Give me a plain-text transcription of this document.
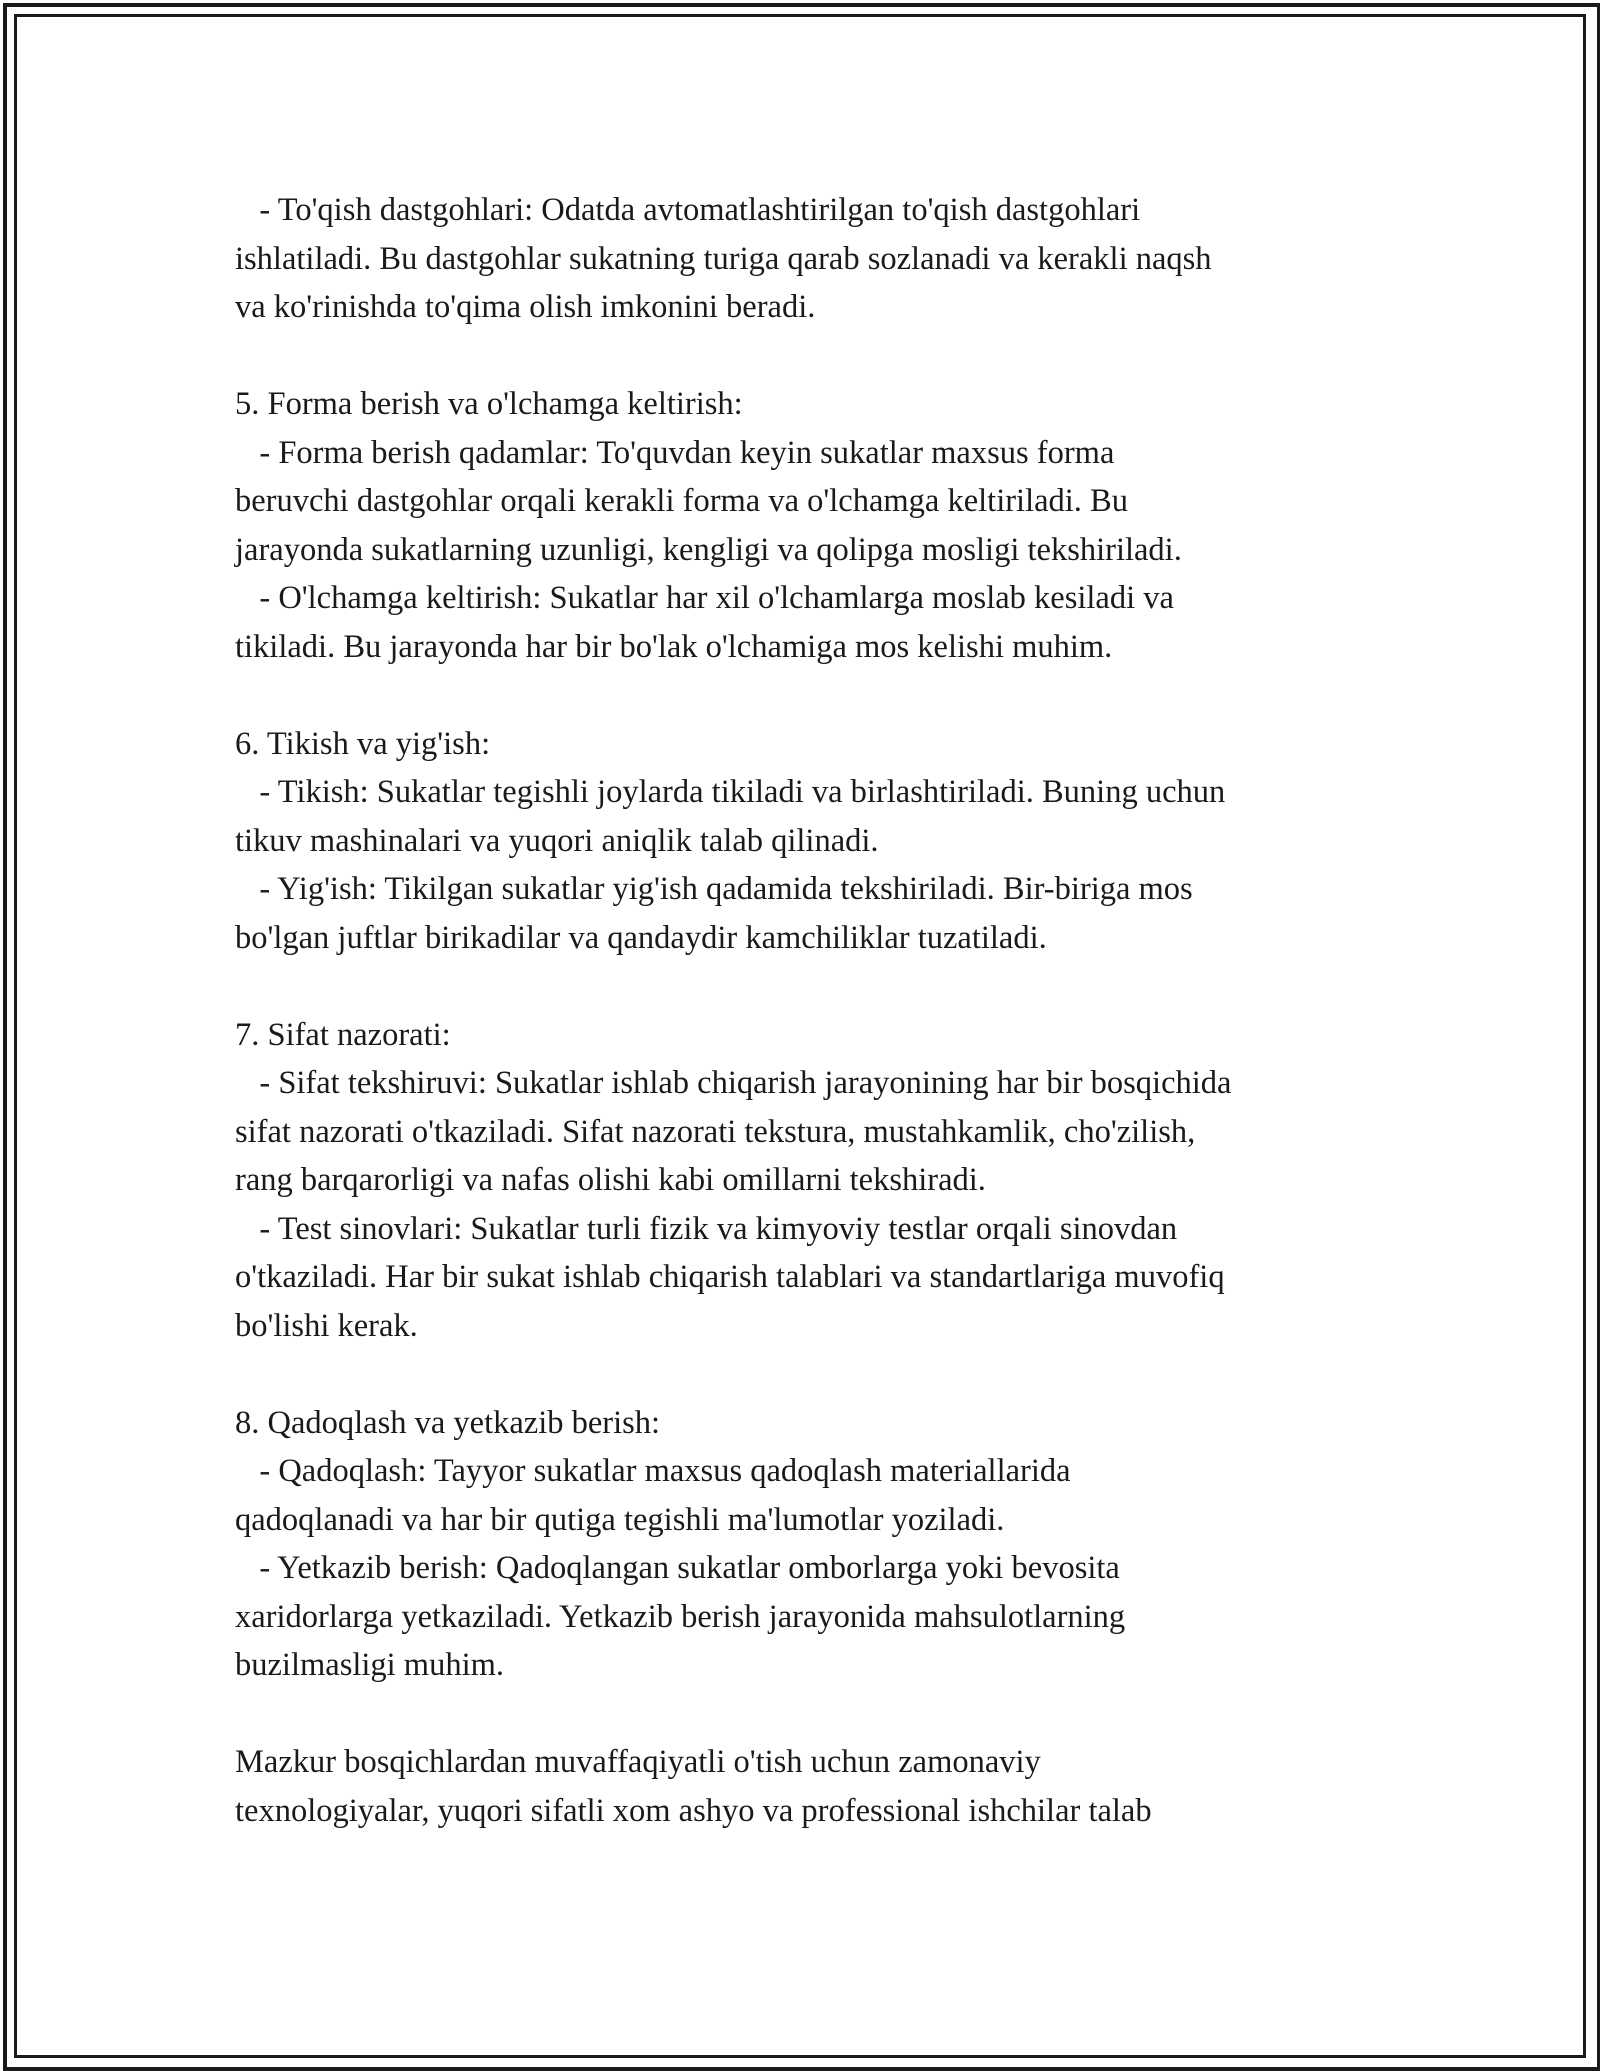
- To'qish dastgohlari: Odatda avtomatlashtirilgan to'qish dastgohlari
ishlatiladi. Bu dastgohlar sukatning turiga qarab sozlanadi va kerakli naqsh
va ko'rinishda to'qima olish imkonini beradi.
5. Forma berish va o'lchamga keltirish:
- Forma berish qadamlar: To'quvdan keyin sukatlar maxsus forma
beruvchi dastgohlar orqali kerakli forma va o'lchamga keltiriladi. Bu
jarayonda sukatlarning uzunligi, kengligi va qolipga mosligi tekshiriladi.
- O'lchamga keltirish: Sukatlar har xil o'lchamlarga moslab kesiladi va
tikiladi. Bu jarayonda har bir bo'lak o'lchamiga mos kelishi muhim.
6. Tikish va yig'ish:
- Tikish: Sukatlar tegishli joylarda tikiladi va birlashtiriladi. Buning uchun
tikuv mashinalari va yuqori aniqlik talab qilinadi.
- Yig'ish: Tikilgan sukatlar yig'ish qadamida tekshiriladi. Bir-biriga mos
bo'lgan juftlar birikadilar va qandaydir kamchiliklar tuzatiladi.
7. Sifat nazorati:
- Sifat tekshiruvi: Sukatlar ishlab chiqarish jarayonining har bir bosqichida
sifat nazorati o'tkaziladi. Sifat nazorati tekstura, mustahkamlik, cho'zilish,
rang barqarorligi va nafas olishi kabi omillarni tekshiradi.
- Test sinovlari: Sukatlar turli fizik va kimyoviy testlar orqali sinovdan
o'tkaziladi. Har bir sukat ishlab chiqarish talablari va standartlariga muvofiq
bo'lishi kerak.
8. Qadoqlash va yetkazib berish:
- Qadoqlash: Tayyor sukatlar maxsus qadoqlash materiallarida
qadoqlanadi va har bir qutiga tegishli ma'lumotlar yoziladi.
- Yetkazib berish: Qadoqlangan sukatlar omborlarga yoki bevosita
xaridorlarga yetkaziladi. Yetkazib berish jarayonida mahsulotlarning
buzilmasligi muhim.
Mazkur bosqichlardan muvaffaqiyatli o'tish uchun zamonaviy
texnologiyalar, yuqori sifatli xom ashyo va professional ishchilar talab
